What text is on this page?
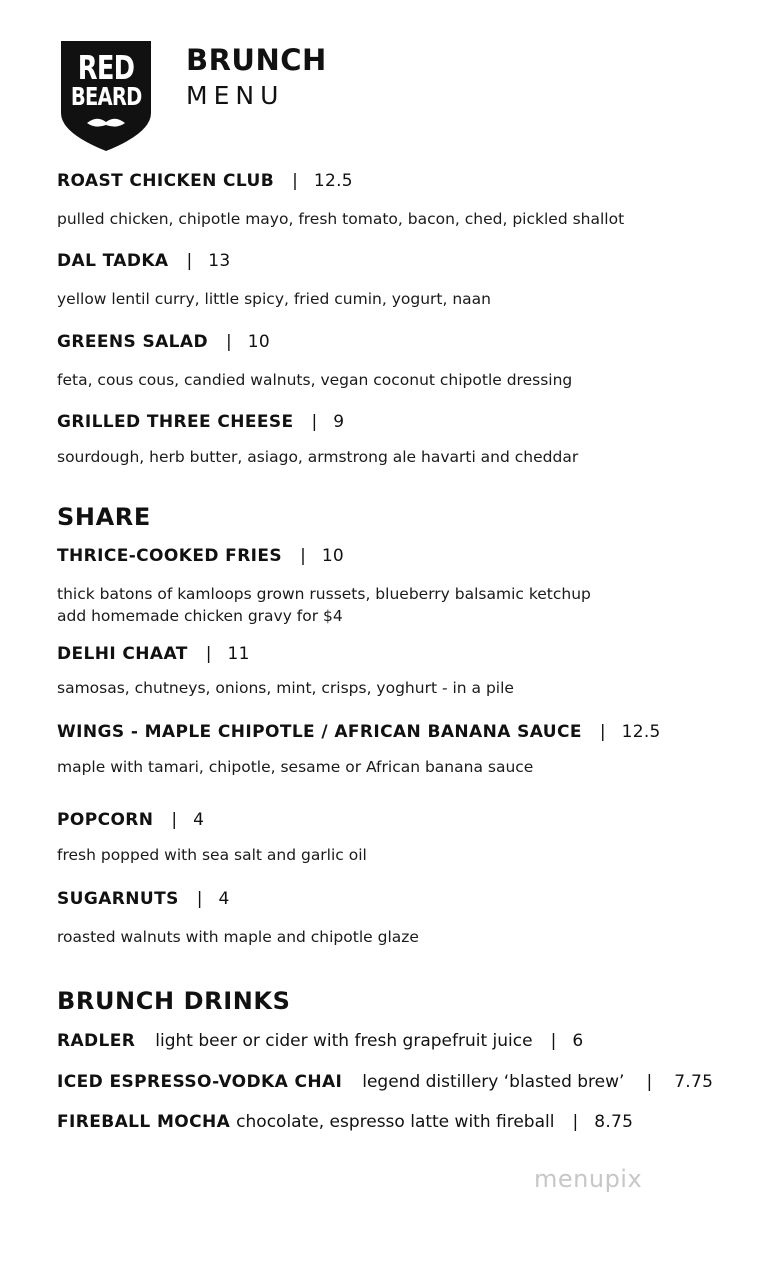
RED
BEARD
BRUNCH
MENU
ROAST CHICKEN CLUB | 12.5
pulled chicken, chipotle mayo, fresh tomato, bacon, ched, pickled shallot
DAL TADKA | 13
yellow lentil curry, little spicy, fried cumin, yogurt, naan
GREENS SALAD | 10
feta, cous cous, candied walnuts, vegan coconut chipotle dressing
GRILLED THREE CHEESE | 9
sourdough, herb butter, asiago, armstrong ale havarti and cheddar
SHARE
THRICE-COOKED FRIES | 10
thick batons of kamloops grown russets, blueberry balsamic ketchup
add homemade chicken gravy for $4
DELHI CHAAT | 11
samosas, chutneys, onions, mint, crisps, yoghurt - in a pile
WINGS - MAPLE CHIPOTLE / AFRICAN BANANA SAUCE | 12.5
maple with tamari, chipotle, sesame or African banana sauce
POPCORN | 4
fresh popped with sea salt and garlic oil
SUGARNUTS | 4
roasted walnuts with maple and chipotle glaze
BRUNCH DRINKS
RADLER light beer or cider with fresh grapefruit juice | 6
ICED ESPRESSO-VODKA CHAI legend distillery ‘blasted brew’ | 7.75
FIREBALL MOCHA chocolate, espresso latte with fireball | 8.75
menupix
